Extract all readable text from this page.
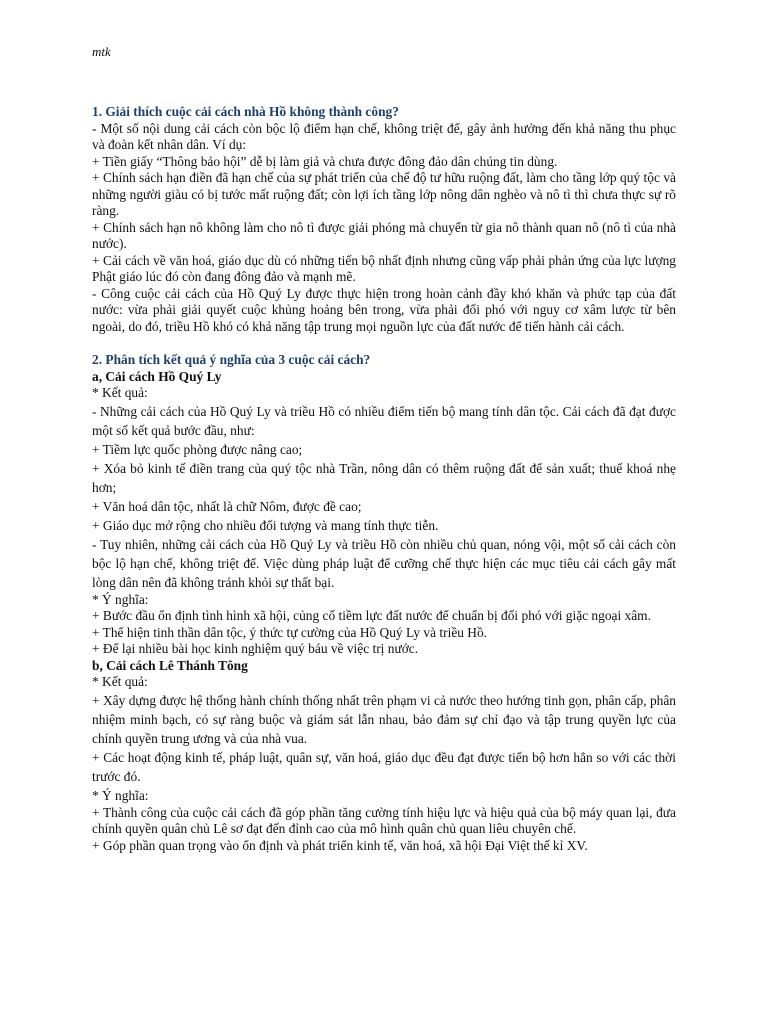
mtk

1. Giải thích cuộc cải cách nhà Hồ không thành công?

- Một số nội dung cải cách còn bộc lộ điểm hạn chế, không triệt để, gây ảnh hưởng đến khả năng thu phục và đoàn kết nhân dân. Ví dụ:

+ Tiền giấy “Thông bảo hội” dễ bị làm giả và chưa được đông đảo dân chúng tin dùng.

+ Chính sách hạn điền đã hạn chế của sự phát triển của chế độ tư hữu ruộng đất, làm cho tầng lớp quý tộc và những người giàu có bị tước mất ruộng đất; còn lợi ích tầng lớp nông dân nghèo và nô tì thì chưa thực sự rõ ràng.

+ Chính sách hạn nô không làm cho nô tì được giải phóng mà chuyển từ gia nô thành quan nô (nô tì của nhà nước).

+ Cải cách về văn hoá, giáo dục dù có những tiến bộ nhất định nhưng cũng vấp phải phản ứng của lực lượng Phật giáo lúc đó còn đang đông đảo và mạnh mẽ.

- Công cuộc cải cách của Hồ Quý Ly được thực hiện trong hoàn cảnh đầy khó khăn và phức tạp của đất nước: vừa phải giải quyết cuộc khủng hoảng bên trong, vừa phải đối phó với nguy cơ xâm lược từ bên ngoài, do đó, triều Hồ khó có khả năng tập trung mọi nguồn lực của đất nước để tiến hành cải cách.

2. Phân tích kết quả ý nghĩa của 3 cuộc cải cách?

a, Cải cách Hồ Quý Ly

* Kết quả:

- Những cải cách của Hồ Quý Ly và triều Hồ có nhiều điểm tiến bộ mang tính dân tộc. Cải cách đã đạt được một số kết quả bước đầu, như:

+ Tiềm lực quốc phòng được nâng cao;

+ Xóa bỏ kinh tế điền trang của quý tộc nhà Trần, nông dân có thêm ruộng đất để sản xuất; thuế khoá nhẹ hơn;

+ Văn hoá dân tộc, nhất là chữ Nôm, được đề cao;

+ Giáo dục mở rộng cho nhiều đối tượng và mang tính thực tiễn.

- Tuy nhiên, những cải cách của Hồ Quý Ly và triều Hồ còn nhiều chủ quan, nóng vội, một số cải cách còn bộc lộ hạn chế, không triệt để. Việc dùng pháp luật để cưỡng chế thực hiện các mục tiêu cải cách gây mất lòng dân nên đã không tránh khỏi sự thất bại.

* Ý nghĩa:

+ Bước đầu ổn định tình hình xã hội, củng cố tiềm lực đất nước để chuẩn bị đối phó với giặc ngoại xâm.

+ Thể hiện tinh thần dân tộc, ý thức tự cường của Hồ Quý Ly và triều Hồ.

+ Để lại nhiều bài học kinh nghiệm quý báu về việc trị nước.

b, Cải cách Lê Thánh Tông

* Kết quả:

+ Xây dựng được hệ thống hành chính thống nhất trên phạm vi cả nước theo hướng tinh gọn, phân cấp, phân nhiệm minh bạch, có sự ràng buộc và giám sát lẫn nhau, bảo đảm sự chỉ đạo và tập trung quyền lực của chính quyền trung ương và của nhà vua.

+ Các hoạt động kinh tế, pháp luật, quân sự, văn hoá, giáo dục đều đạt được tiến bộ hơn hẳn so với các thời trước đó.

* Ý nghĩa:

+ Thành công của cuộc cải cách đã góp phần tăng cường tính hiệu lực và hiệu quả của bộ máy quan lại, đưa chính quyền quân chủ Lê sơ đạt đến đỉnh cao của mô hình quân chủ quan liêu chuyên chế.

+ Góp phần quan trọng vào ổn định và phát triển kinh tế, văn hoá, xã hội Đại Việt thế kỉ XV.
